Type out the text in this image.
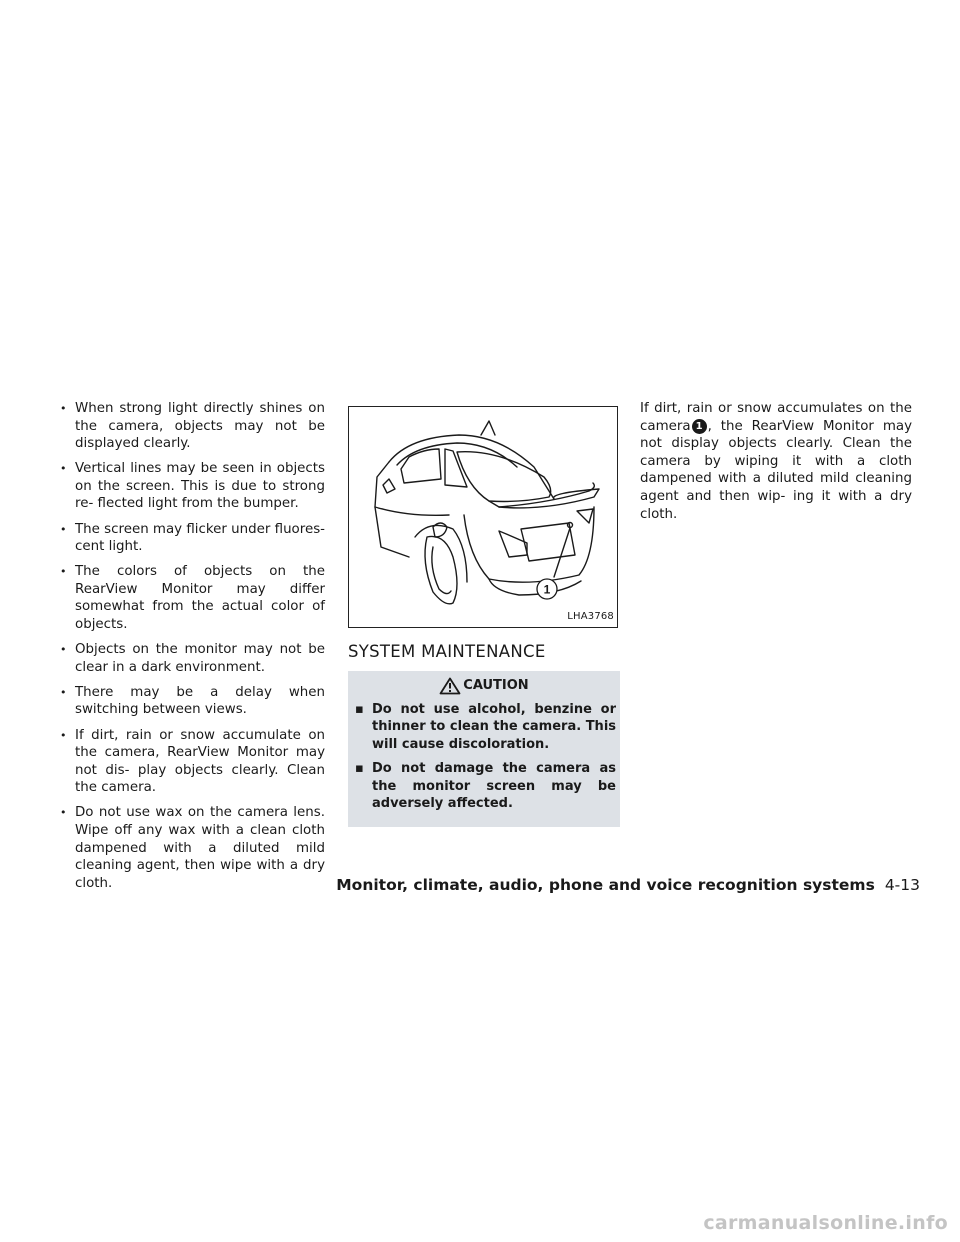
• When strong light directly shines on the camera, objects may not be displayed clearly.
• Vertical lines may be seen in objects on the screen. This is due to strong re- flected light from the bumper.
• The screen may flicker under fluores- cent light.
• The colors of objects on the RearView Monitor may differ somewhat from the actual color of objects.
• Objects on the monitor may not be clear in a dark environment.
• There may be a delay when switching between views.
• If dirt, rain or snow accumulate on the camera, RearView Monitor may not dis- play objects clearly. Clean the camera.
• Do not use wax on the camera lens. Wipe off any wax with a clean cloth dampened with a diluted mild cleaning agent, then wipe with a dry cloth.
1
LHA3768
SYSTEM MAINTENANCE
CAUTION
▪ Do not use alcohol, benzine or thinner to clean the camera. This will cause discoloration.
▪ Do not damage the camera as the monitor screen may be adversely affected.

If dirt, rain or snow accumulates on the camera 1 , the RearView Monitor may not display objects clearly. Clean the camera by wiping it with a cloth dampened with a diluted mild cleaning agent and then wip- ing it with a dry cloth.

Monitor, climate, audio, phone and voice recognition systems 4-13
carmanualsonline.info
